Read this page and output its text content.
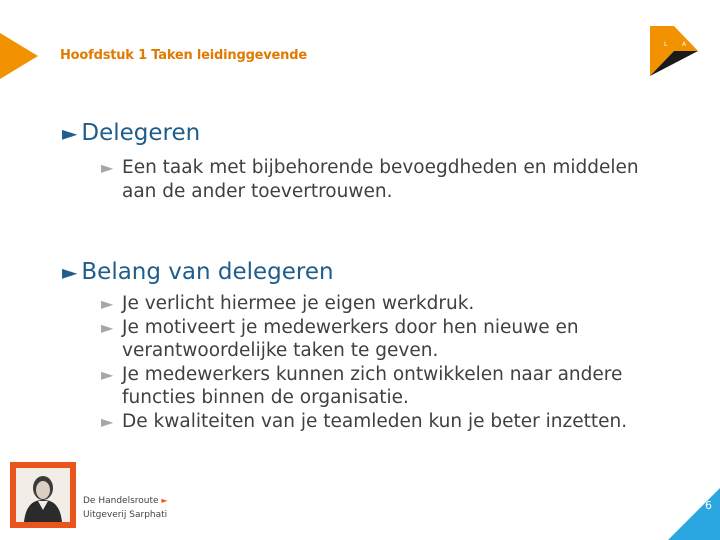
Hoofdstuk 1 Taken leidinggevende
L A
► Delegeren
► Een taak met bijbehorende bevoegdheden en middelen
aan de ander toevertrouwen.
► Belang van delegeren
► Je verlicht hiermee je eigen werkdruk.
► Je motiveert je medewerkers door hen nieuwe en
verantwoordelijke taken te geven.
► Je medewerkers kunnen zich ontwikkelen naar andere
functies binnen de organisatie.
► De kwaliteiten van je teamleden kun je beter inzetten.
De Handelsroute ►
Uitgeverij Sarphati
6
